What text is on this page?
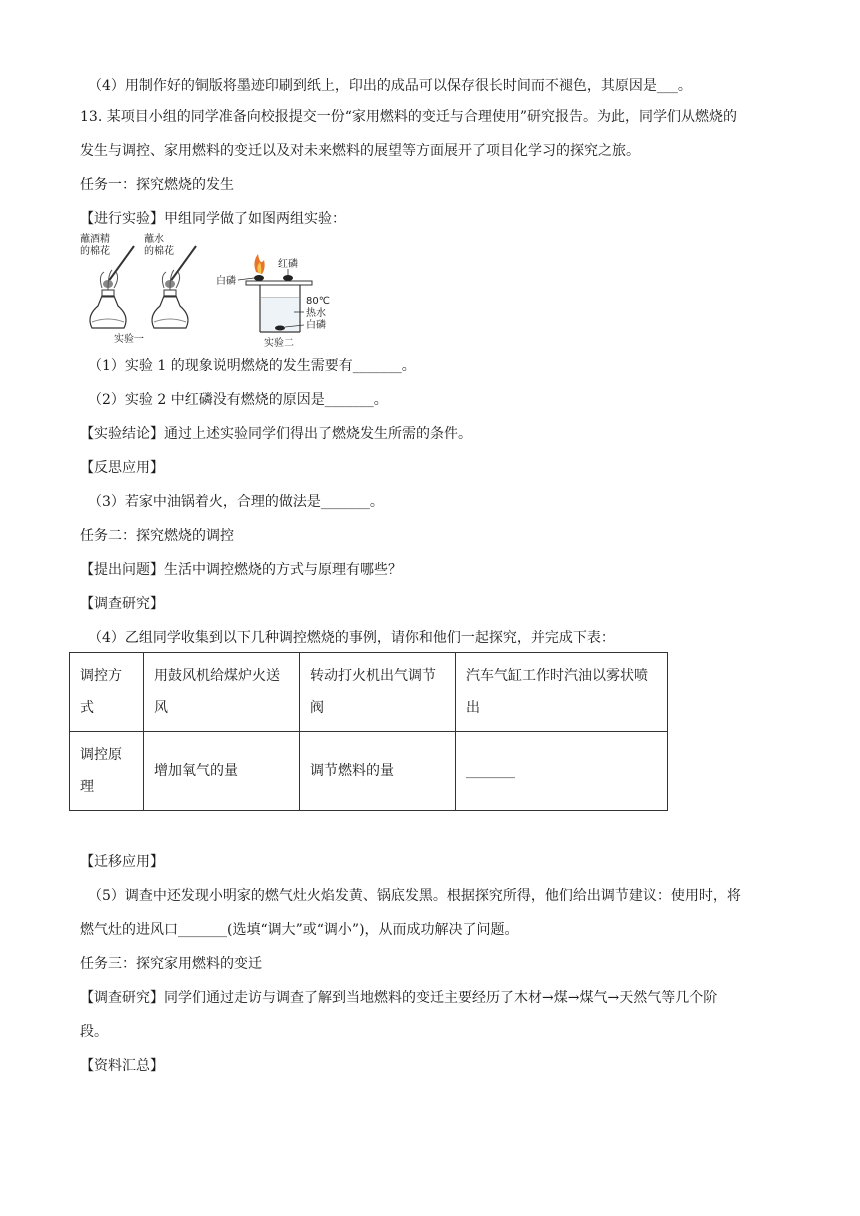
（4）用制作好的铜版将墨迹印刷到纸上，印出的成品可以保存很长时间而不褪色，其原因是___。
13. 某项目小组的同学准备向校报提交一份“家用燃料的变迁与合理使用”研究报告。为此，同学们从燃烧的
发生与调控、家用燃料的变迁以及对未来燃料的展望等方面展开了项目化学习的探究之旅。
任务一：探究燃烧的发生
【进行实验】甲组同学做了如图两组实验：
蘸酒精
的棉花
蘸水
的棉花
实验一
白磷
红磷
80℃
热水
白磷
实验二
（1）实验 1 的现象说明燃烧的发生需要有_______。
（2）实验 2 中红磷没有燃烧的原因是_______。
【实验结论】通过上述实验同学们得出了燃烧发生所需的条件。
【反思应用】
（3）若家中油锅着火，合理的做法是_______。
任务二：探究燃烧的调控
【提出问题】生活中调控燃烧的方式与原理有哪些？
【调查研究】
（4）乙组同学收集到以下几种调控燃烧的事例，请你和他们一起探究，并完成下表：
调控方式	用鼓风机给煤炉火送风	转动打火机出气调节阀	汽车气缸工作时汽油以雾状喷出
调控原理	增加氧气的量	调节燃料的量	_______
【迁移应用】
（5）调查中还发现小明家的燃气灶火焰发黄、锅底发黑。根据探究所得，他们给出调节建议：使用时，将
燃气灶的进风口_______(选填“调大”或“调小”)，从而成功解决了问题。
任务三：探究家用燃料的变迁
【调查研究】同学们通过走访与调查了解到当地燃料的变迁主要经历了木材→煤→煤气→天然气等几个阶
段。
【资料汇总】
